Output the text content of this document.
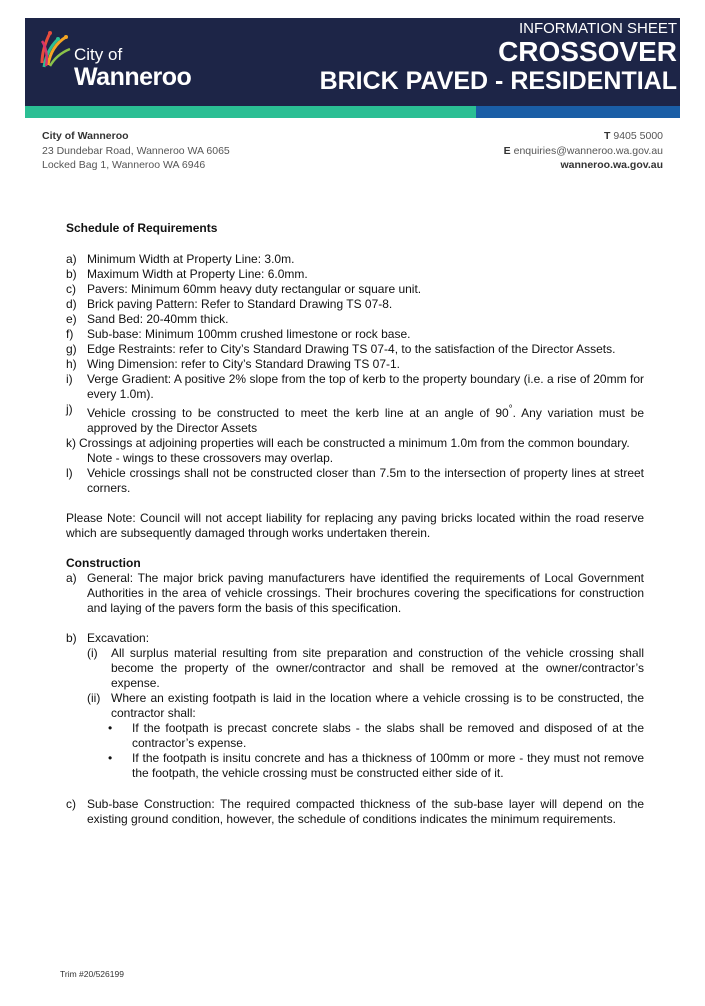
City of
Wanneroo
INFORMATION SHEET
CROSSOVER
BRICK PAVED - RESIDENTIAL
City of Wanneroo
23 Dundebar Road, Wanneroo WA 6065
Locked Bag 1, Wanneroo WA 6946
T 9405 5000
E enquiries@wanneroo.wa.gov.au
wanneroo.wa.gov.au
Schedule of Requirements
a) Minimum Width at Property Line: 3.0m.
b) Maximum Width at Property Line: 6.0mm.
c) Pavers: Minimum 60mm heavy duty rectangular or square unit.
d) Brick paving Pattern: Refer to Standard Drawing TS 07-8.
e) Sand Bed: 20-40mm thick.
f)	Sub-base: Minimum 100mm crushed limestone or rock base.
g) Edge Restraints: refer to City’s Standard Drawing TS 07-4, to the satisfaction of the Director Assets.
h) Wing Dimension: refer to City’s Standard Drawing TS 07-1.
i)	Verge Gradient: A positive 2% slope from the top of kerb to the property boundary (i.e. a rise of 20mm for every 1.0m).
j)	Vehicle crossing to be constructed to meet the kerb line at an angle of 90°. Any variation must be approved by the Director Assets
k) Crossings at adjoining properties will each be constructed a minimum 1.0m from the common boundary.
Note - wings to these crossovers may overlap.
l)	Vehicle crossings shall not be constructed closer than 7.5m to the intersection of property lines at street corners.
Please Note: Council will not accept liability for replacing any paving bricks located within the road reserve which are subsequently damaged through works undertaken therein.
Construction
a) General: The major brick paving manufacturers have identified the requirements of Local Government Authorities in the area of vehicle crossings. Their brochures covering the specifications for construction and laying of the pavers form the basis of this specification.
b) Excavation:
(i)	All surplus material resulting from site preparation and construction of the vehicle crossing shall become the property of the owner/contractor and shall be removed at the owner/contractor’s expense.
(ii) Where an existing footpath is laid in the location where a vehicle crossing is to be constructed, the contractor shall:
•	If the footpath is precast concrete slabs - the slabs shall be removed and disposed of at the contractor’s expense.
•	If the footpath is insitu concrete and has a thickness of 100mm or more - they must not remove the footpath, the vehicle crossing must be constructed either side of it.
c) Sub-base Construction: The required compacted thickness of the sub-base layer will depend on the existing ground condition, however, the schedule of conditions indicates the minimum requirements.
Trim #20/526199
